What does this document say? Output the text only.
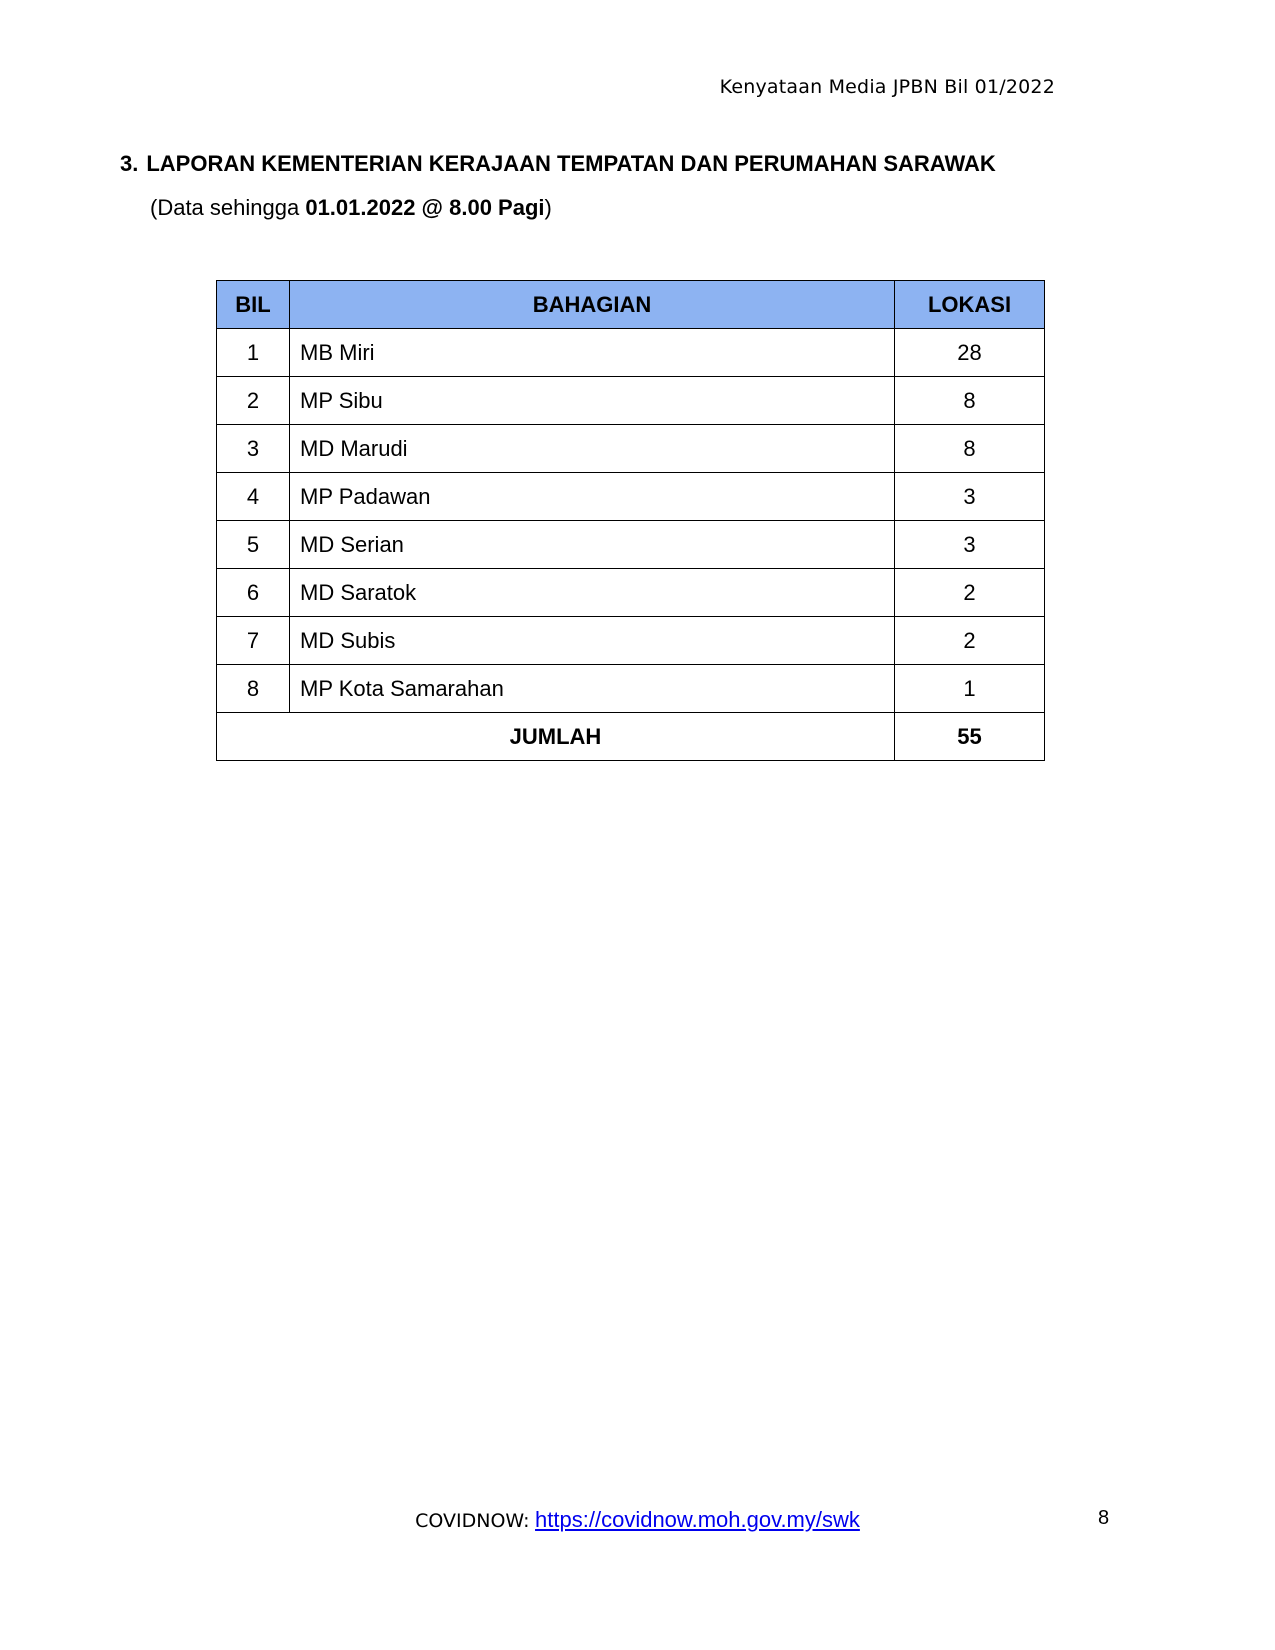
Kenyataan Media JPBN Bil 01/2022
3. LAPORAN KEMENTERIAN KERAJAAN TEMPATAN DAN PERUMAHAN SARAWAK
(Data sehingga 01.01.2022 @ 8.00 Pagi)
BIL	BAHAGIAN	LOKASI
1	MB Miri	28
2	MP Sibu	8
3	MD Marudi	8
4	MP Padawan	3
5	MD Serian	3
6	MD Saratok	2
7	MD Subis	2
8	MP Kota Samarahan	1
JUMLAH		55
COVIDNOW: https://covidnow.moh.gov.my/swk	8
